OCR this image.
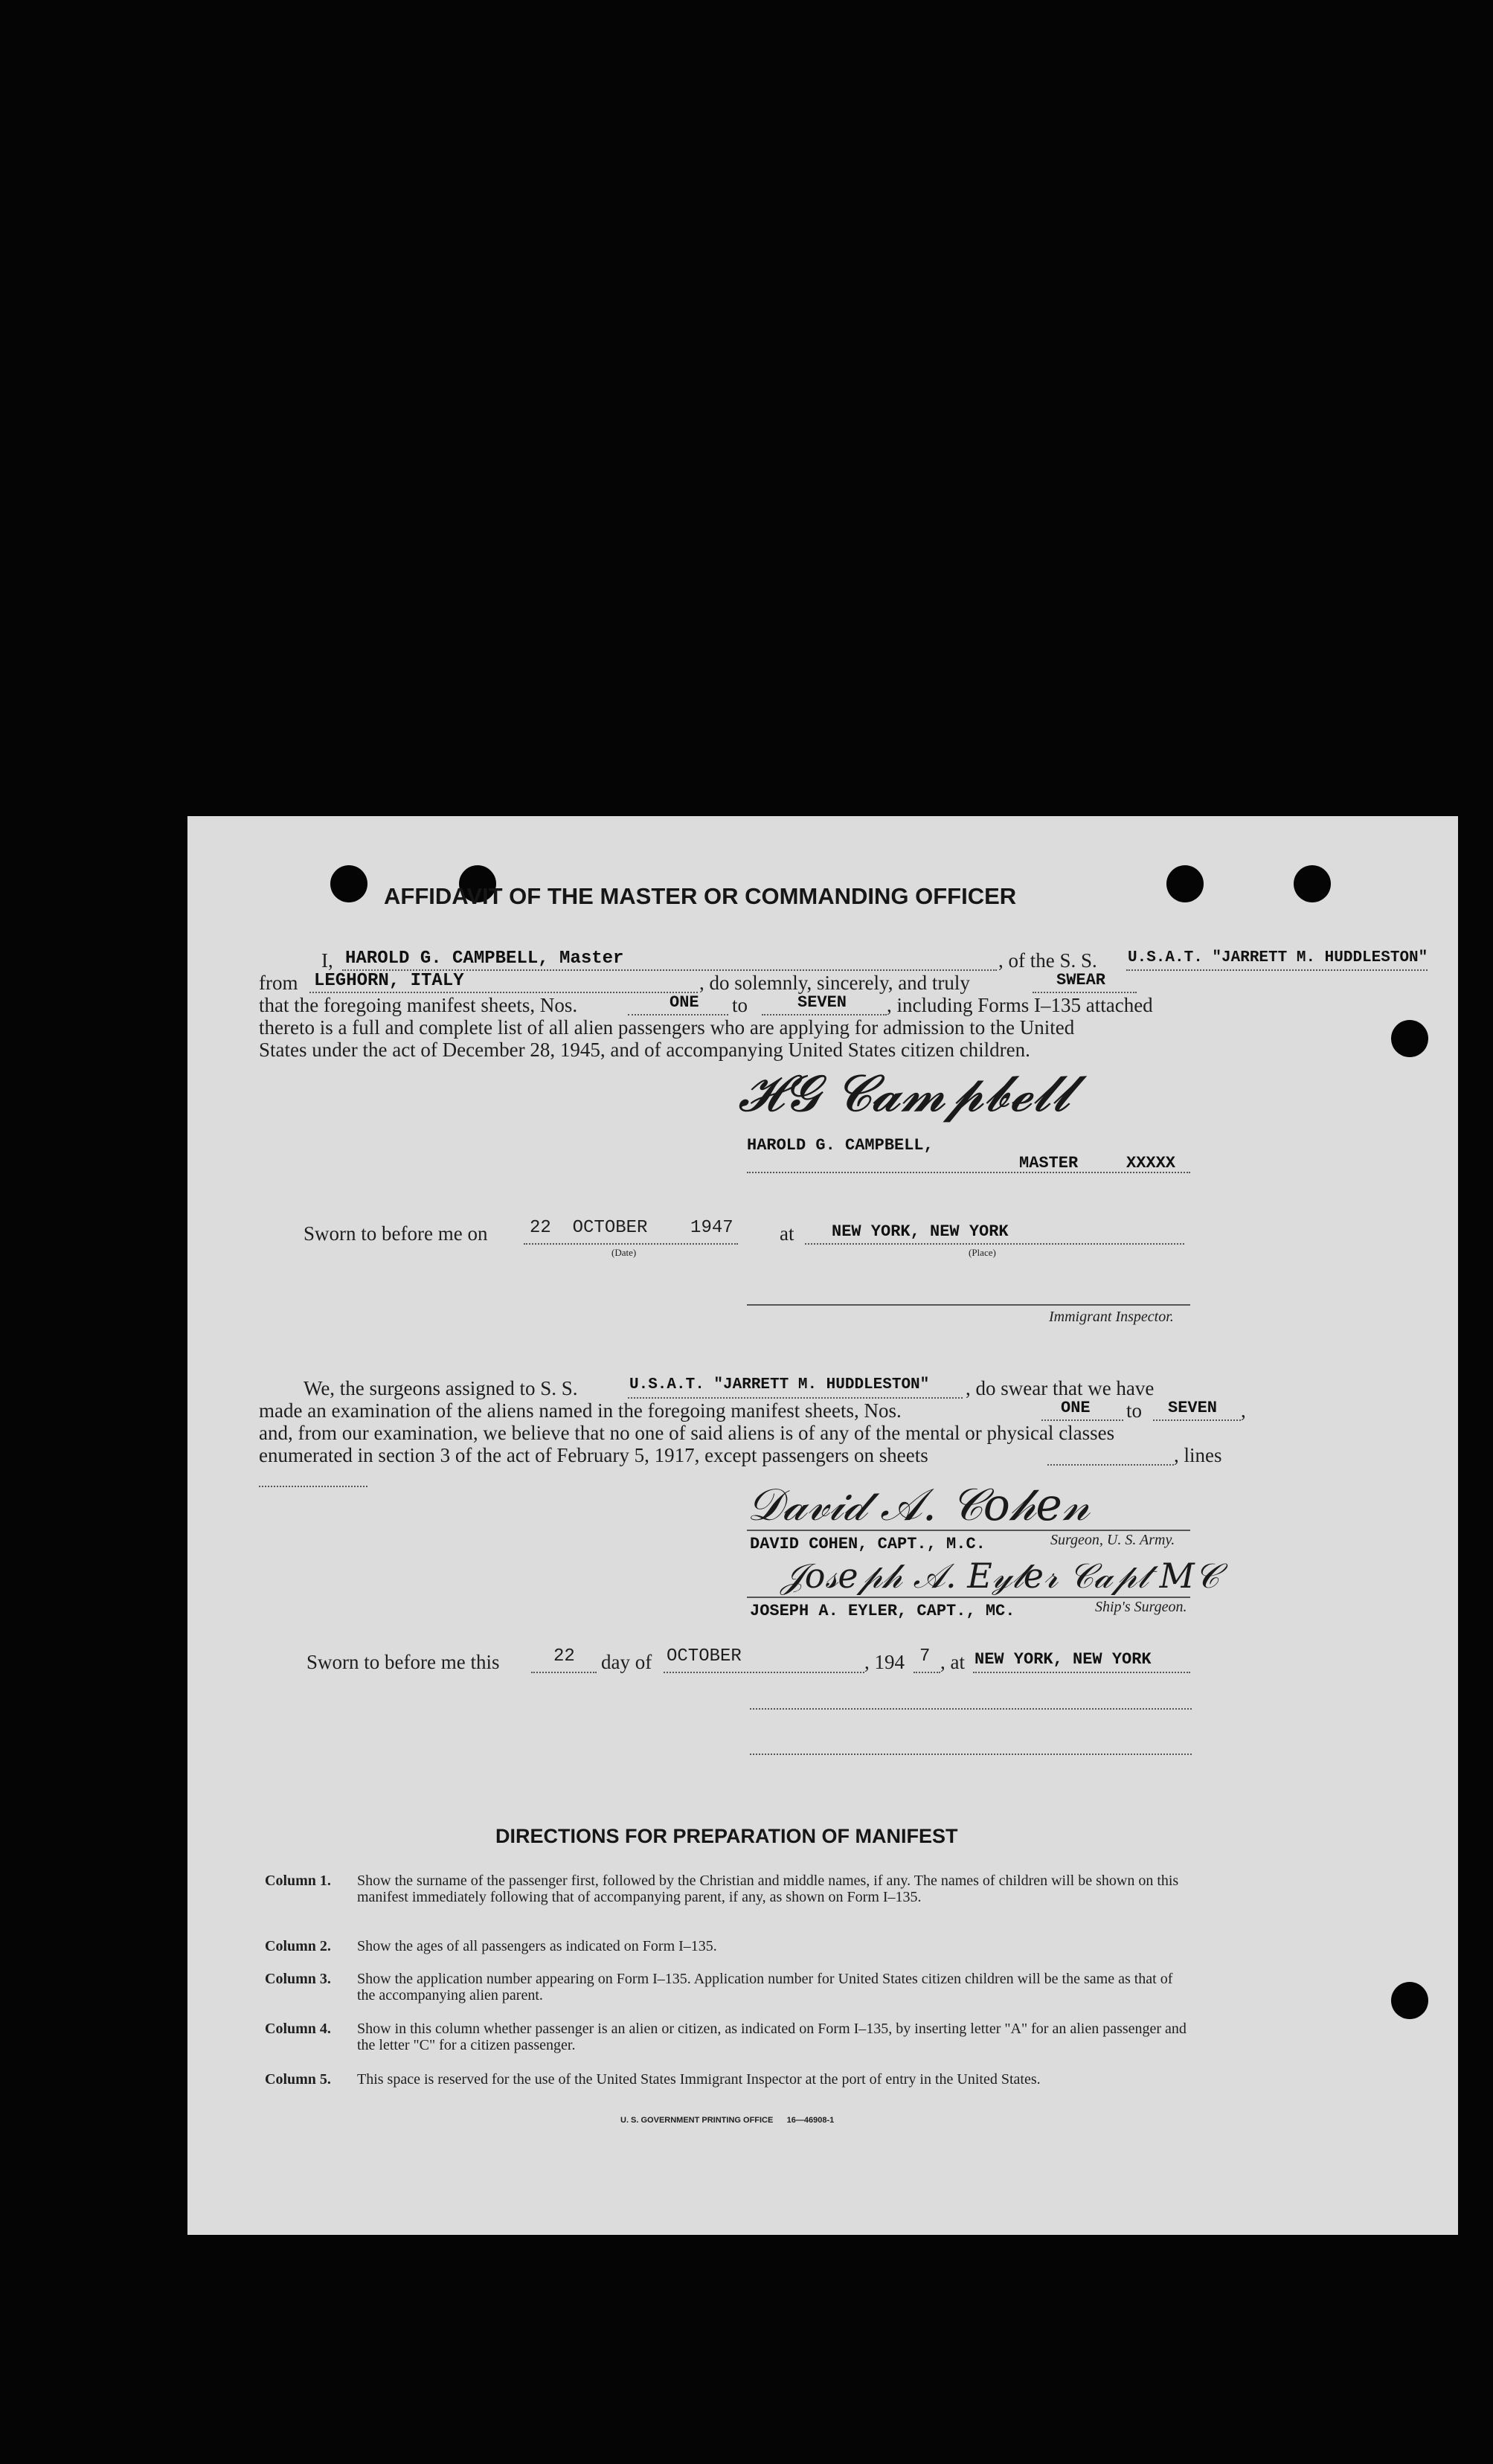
AFFIDAVIT OF THE MASTER OR COMMANDING OFFICER
I, HAROLD G. CAMPBELL, Master	, of the S. S. U.S.A.T. "JARRETT M. HUDDLESTON"
from LEGHORN, ITALY	, do solemnly, sincerely, and truly	SWEAR
that the foregoing manifest sheets, Nos.	ONE to	SEVEN , including Forms I–135 attached
thereto is a full and complete list of all alien passengers who are applying for admission to the United
States under the act of December 28, 1945, and of accompanying United States citizen children.
𝓗𝓖 𝓒𝓪𝓶𝓹𝓫𝓮𝓵𝓵
HAROLD G. CAMPBELL,
MASTER	XXXXX
Sworn to before me on 22  OCTOBER    1947
(Date)
at NEW YORK, NEW YORK
(Place)
Immigrant Inspector.
We, the surgeons assigned to S. S.	U.S.A.T. "JARRETT M. HUDDLESTON" , do swear that we have
made an examination of the aliens named in the foregoing manifest sheets, Nos.	ONE to SEVEN ,
and, from our examination, we believe that no one of said aliens is of any of the mental or physical classes
enumerated in section 3 of the act of February 5, 1917, except passengers on sheets	, lines
𝒟𝒶𝓋𝒾𝒹 𝒜. 𝒞𝑜𝒽𝑒𝓃
DAVID COHEN, CAPT., M.C.	Surgeon, U. S. Army.
𝒥𝑜𝓈𝑒𝓅𝒽 𝒜. 𝐸𝓎𝓁𝑒𝓇 𝒞𝒶𝓅𝓉 𝑀𝒞
JOSEPH A. EYLER, CAPT., MC.	Ship's Surgeon.
Sworn to before me this	22 day of OCTOBER	, 194 7 , at NEW YORK, NEW YORK
DIRECTIONS FOR PREPARATION OF MANIFEST
Column 1. Show the surname of the passenger first, followed by the Christian and middle names, if any. The names of children will be shown on this manifest immediately following that of accompanying parent, if any, as shown on Form I–135.
Column 2. Show the ages of all passengers as indicated on Form I–135.
Column 3. Show the application number appearing on Form I–135. Application number for United States citizen children will be the same as that of the accompanying alien parent.
Column 4. Show in this column whether passenger is an alien or citizen, as indicated on Form I–135, by inserting letter "A" for an alien passenger and the letter "C" for a citizen passenger.
Column 5. This space is reserved for the use of the United States Immigrant Inspector at the port of entry in the United States.
U. S. GOVERNMENT PRINTING OFFICE      16—46908-1
